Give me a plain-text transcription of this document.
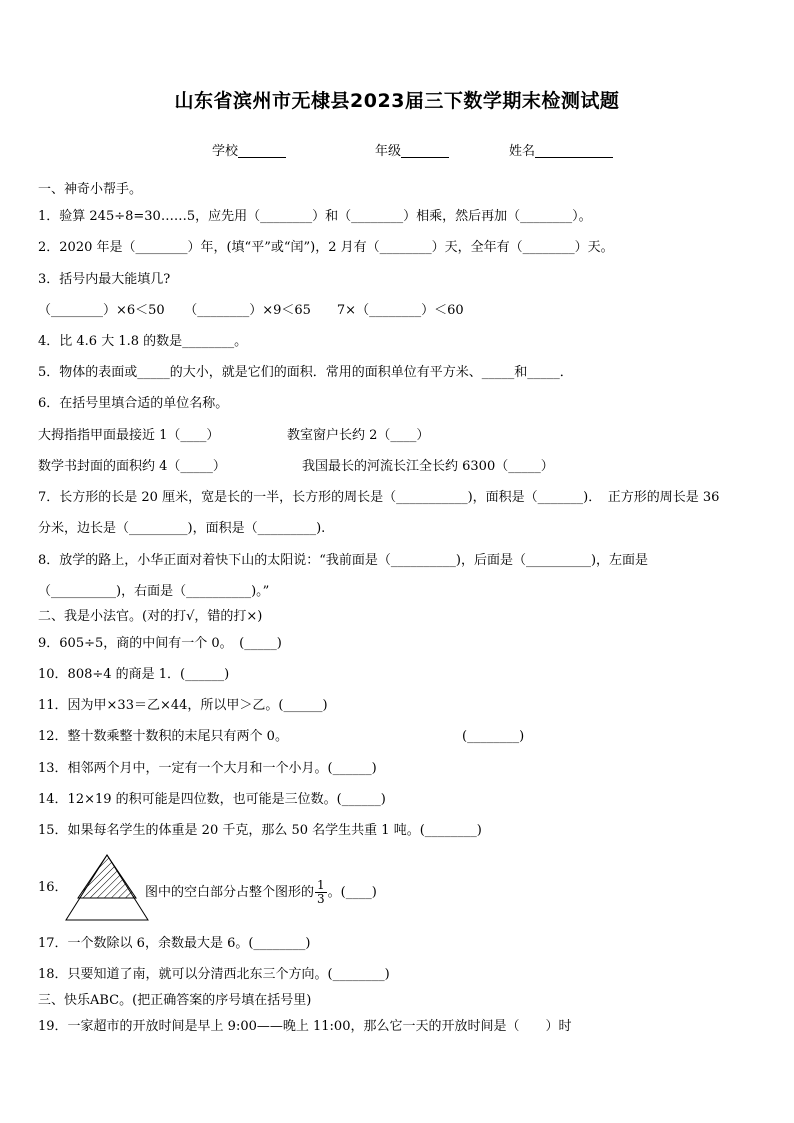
山东省滨州市无棣县2023届三下数学期末检测试题
学校	年级	姓名
一、神奇小帮手。
1．验算 245÷8=30……5，应先用（________）和（________）相乘，然后再加（________）。
2．2020 年是（________）年，(填“平”或“闰”)，2 月有（________）天，全年有（________）天。
3．括号内最大能填几?
（________）×6＜50　　（________）×9＜65　　7×（________）＜60
4．比 4.6 大 1.8 的数是________。
5．物体的表面或_____的大小，就是它们的面积．常用的面积单位有平方米、_____和_____．
6．在括号里填合适的单位名称。
大拇指指甲面最接近 1（____）	教室窗户长约 2（____）
数学书封面的面积约 4（_____）	我国最长的河流长江全长约 6300（_____）
7．长方形的长是 20 厘米，宽是长的一半，长方形的周长是（___________)，面积是（_______)．　正方形的周长是 36
分米，边长是（_________)，面积是（_________).
8．放学的路上，小华正面对着快下山的太阳说：“我前面是（__________)，后面是（__________)，左面是
（__________)，右面是（__________)。”
二、我是小法官。(对的打√，错的打×)
9．605÷5，商的中间有一个 0。　(_____)
10．808÷4 的商是 1．(______)
11．因为甲×33＝乙×44，所以甲＞乙。(______)
12．整十数乘整十数积的末尾只有两个 0。	(________)
13．相邻两个月中，一定有一个大月和一个小月。(______)
14．12×19 的积可能是四位数，也可能是三位数。(______)
15．如果每名学生的体重是 20 千克，那么 50 名学生共重 1 吨。(________)
16．	图中的空白部分占整个图形的 $\frac{1}{3}$ 。(____)
17．一个数除以 6，余数最大是 6。(________)
18．只要知道了南，就可以分清西北东三个方向。(________)
三、快乐ABC。(把正确答案的序号填在括号里)
19．一家超市的开放时间是早上 9:00——晚上 11:00，那么它一天的开放时间是（　　）时
